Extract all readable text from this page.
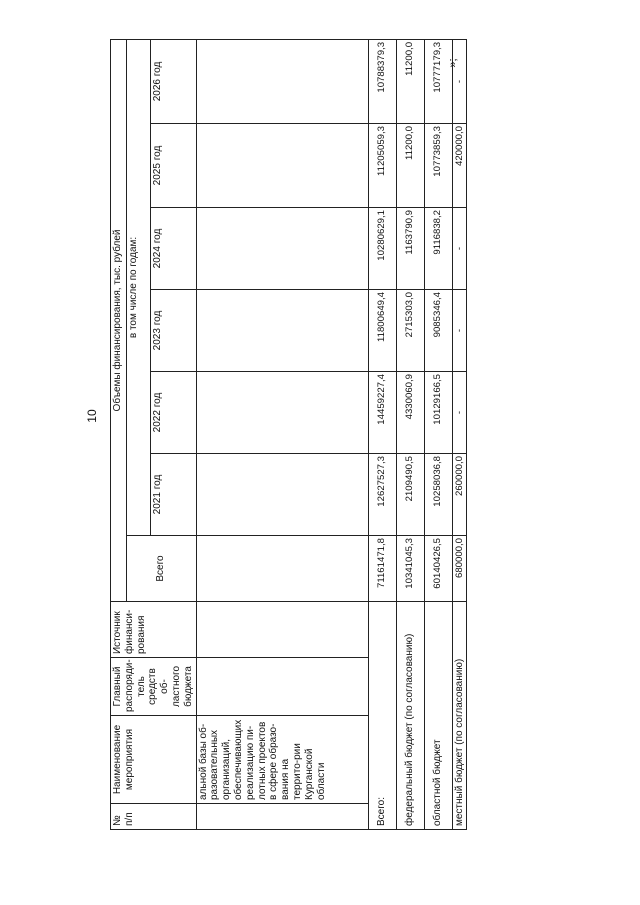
10
№ п/п	Наименование мероприятия	Главный распоряди-тель средств об-ластного бюджета	Источник финанси-рования	Объемы финансирования, тыс. рублей						
				Всего	в том числе по годам:					
					2021 год	2022 год	2023 год	2024 год	2025 год	2026 год
	альной базы об-разовательных организаций, обеспечивающих реализацию пи-лотных проектов в сфере образо-вания на террито-рии Курганской области									
Всего:				71161471,8	12627527,3	14459227,4	11800649,4	10280629,1	11205059,3	10788379,3
федеральный бюджет (по согласованию)				10341045,3	2109490,5	4330060,9	2715303,0	1163790,9	11200,0	11200,0
областной бюджет				60140426,5	10258036,8	10129166,5	9085346,4	9116838,2	10773859,3	10777179,3
местный бюджет (по согласованию)				680000,0	260000,0	-	-	-	420000,0	-
»;
